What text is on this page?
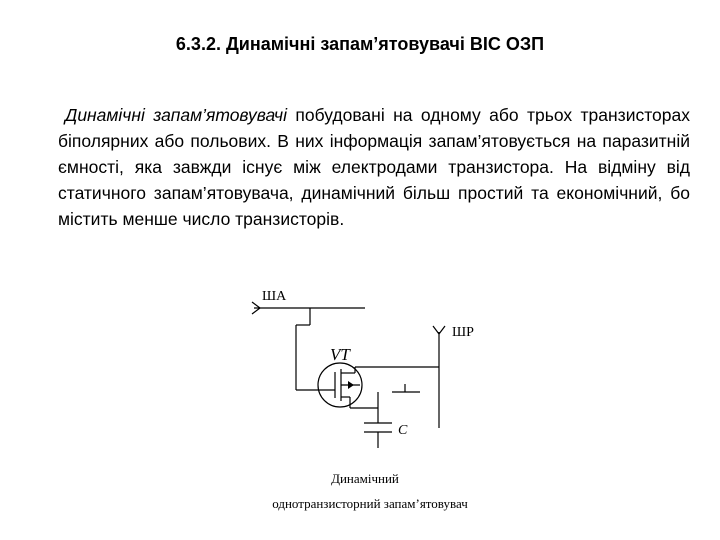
6.3.2. Динамічні запам’ятовувачі ВІС ОЗП
Динамічні запам’ятовувачі побудовані на одному або трьох транзисторах біполярних або польових. В них інформація запам’ятовується на паразитній ємності, яка завжди існує між електродами транзистора. На відміну від статичного запам’ятовувача, динамічний більш простий та економічний, бо містить менше число транзисторів.
ША
ШР
VT
C
Динамічний
однотранзисторний запам’ятовувач
